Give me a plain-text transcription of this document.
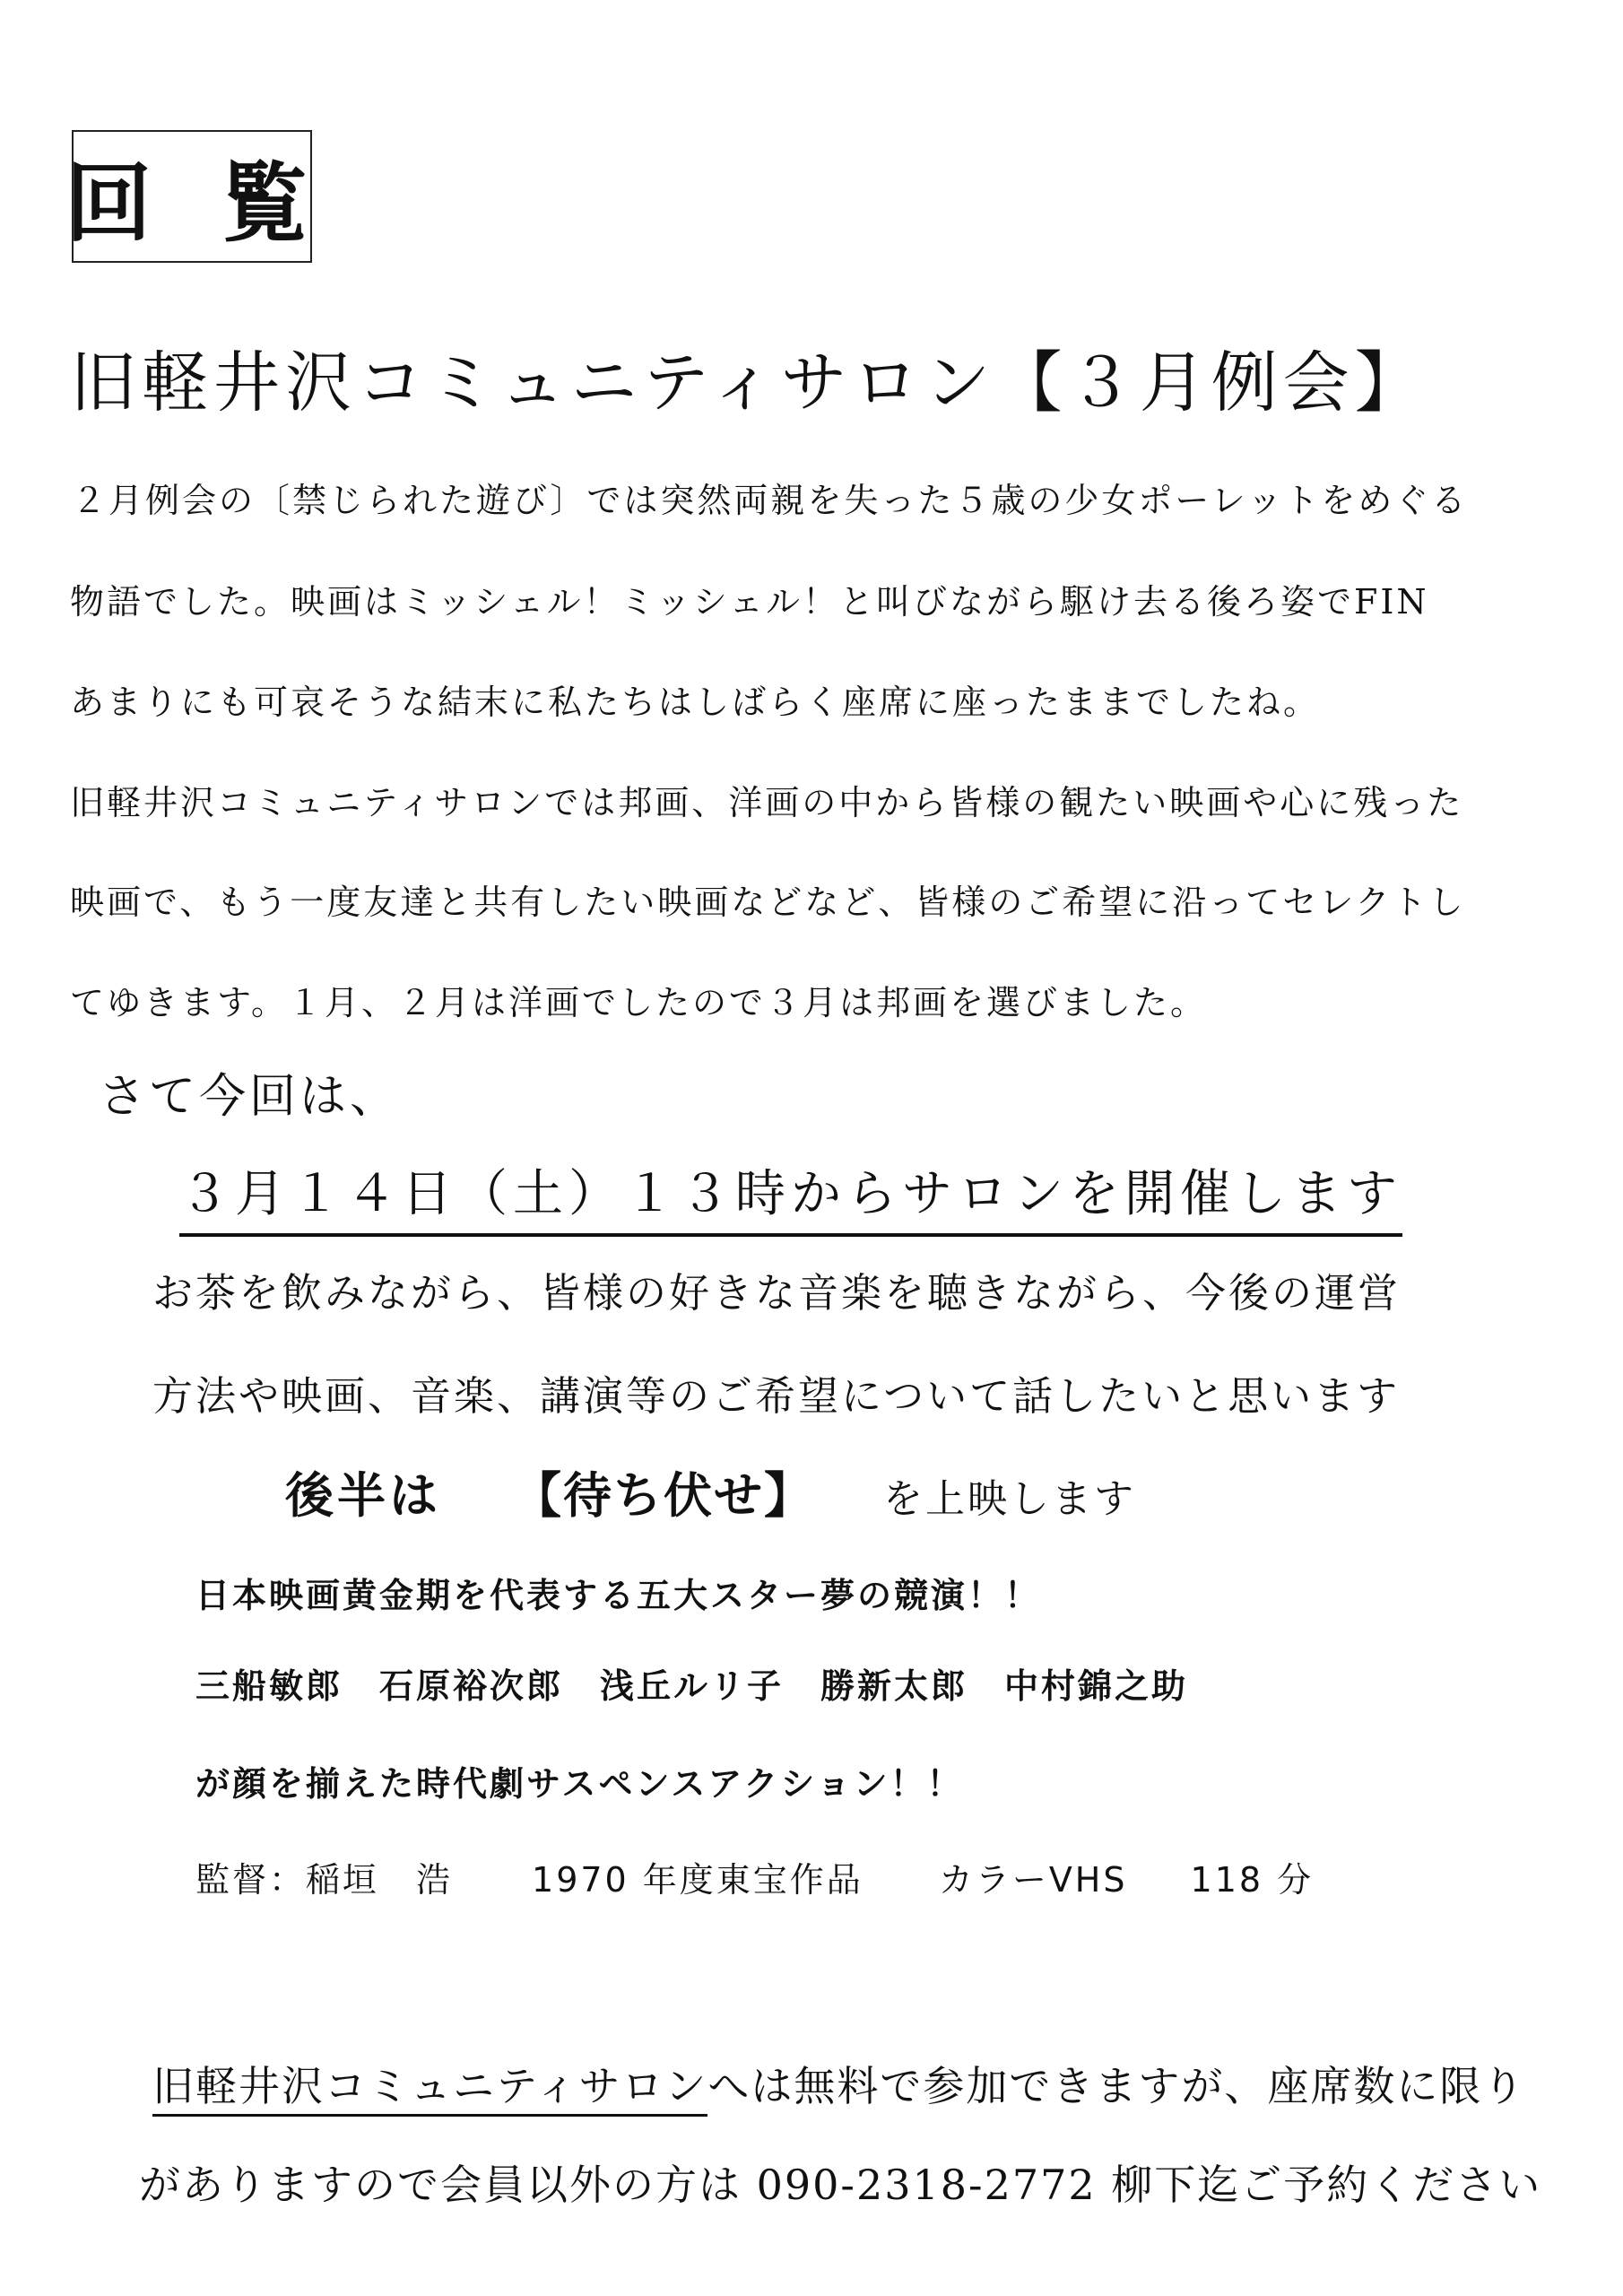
回 覧
旧軽井沢コミュニティサロン【３月例会】
２月例会の〔禁じられた遊び〕では突然両親を失った５歳の少女ポーレットをめぐる
物語でした。映画はミッシェル！ミッシェル！と叫びながら駆け去る後ろ姿でFIN
あまりにも可哀そうな結末に私たちはしばらく座席に座ったままでしたね。
旧軽井沢コミュニティサロンでは邦画、洋画の中から皆様の観たい映画や心に残った
映画で、もう一度友達と共有したい映画などなど、皆様のご希望に沿ってセレクトし
てゆきます。１月、２月は洋画でしたので３月は邦画を選びました。
さて今回は、
３月１４日（土）１３時からサロンを開催します
お茶を飲みながら、皆様の好きな音楽を聴きながら、今後の運営
方法や映画、音楽、講演等のご希望について話したいと思います
後半は 【待ち伏せ】 を上映します
日本映画黄金期を代表する五大スター夢の競演！！
三船敏郎　石原裕次郎　浅丘ルリ子　勝新太郎　中村錦之助
が顔を揃えた時代劇サスペンスアクション！！
監督：稲垣　浩 1970 年度東宝作品 カラーVHS 118 分
旧軽井沢コミュニティサロンへは無料で参加できますが、座席数に限り
がありますので会員以外の方は 090-2318-2772 柳下迄ご予約ください
